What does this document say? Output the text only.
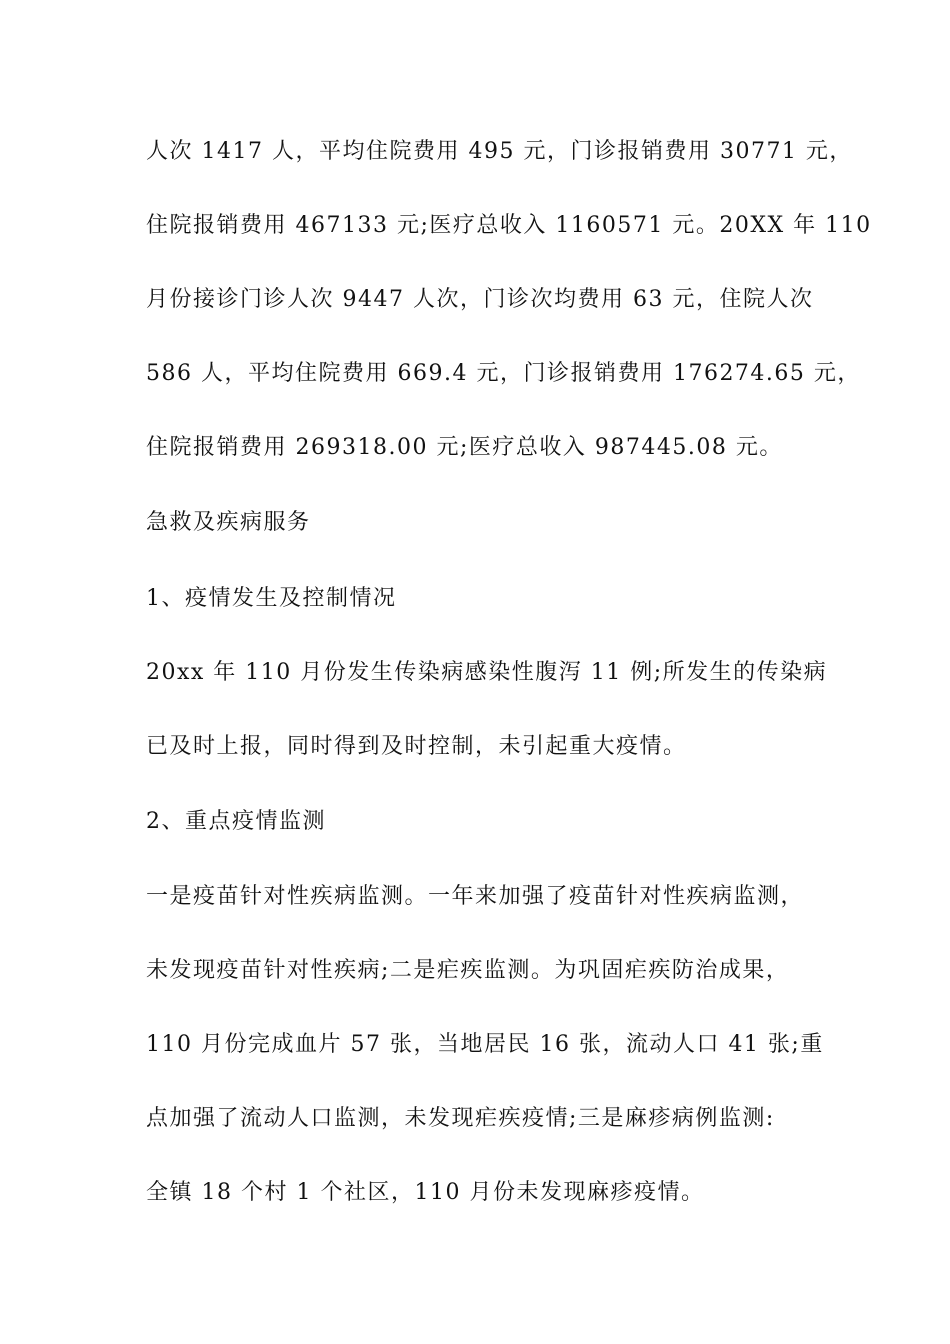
人次 1417 人，平均住院费用 495 元，门诊报销费用 30771 元，
住院报销费用 467133 元;医疗总收入 1160571 元。20XX 年 110
月份接诊门诊人次 9447 人次，门诊次均费用 63 元，住院人次
586 人，平均住院费用 669.4 元，门诊报销费用 176274.65 元，
住院报销费用 269318.00 元;医疗总收入 987445.08 元。
急救及疾病服务
1、疫情发生及控制情况
20xx 年 110 月份发生传染病感染性腹泻 11 例;所发生的传染病
已及时上报，同时得到及时控制，未引起重大疫情。
2、重点疫情监测
一是疫苗针对性疾病监测。一年来加强了疫苗针对性疾病监测，
未发现疫苗针对性疾病;二是疟疾监测。为巩固疟疾防治成果，
110 月份完成血片 57 张，当地居民 16 张，流动人口 41 张;重
点加强了流动人口监测，未发现疟疾疫情;三是麻疹病例监测:
全镇 18 个村 1 个社区，110 月份未发现麻疹疫情。
